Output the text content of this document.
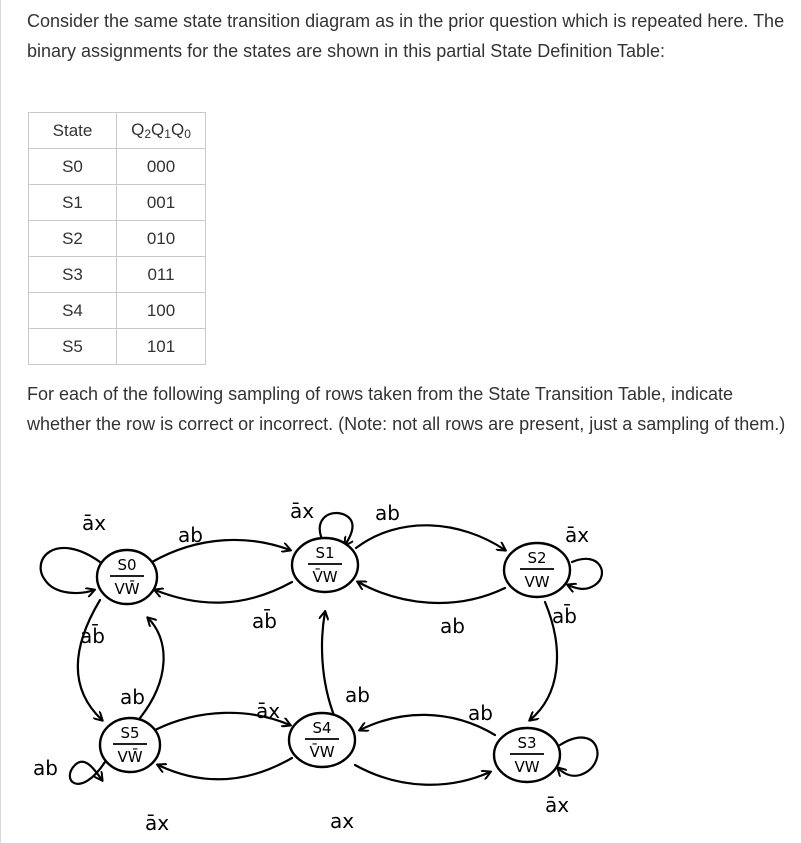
Consider the same state transition diagram as in the prior question which is repeated here. The binary assignments for the states are shown in this partial State Definition Table:

State	$Q_2Q_1Q_0$
S0	000
S1	001
S2	010
S3	011
S4	100
S5	101

For each of the following sampling of rows taken from the State Transition Table, indicate whether the row is correct or incorrect. (Note: not all rows are present, just a sampling of them.)

S0
VW̄
S1
V̄W
S2
VW
S5
VW̄
S4
V̄W	S3
VW
āx	ab
ab̄
āx	ab
āx
ab	ab̄
ab̄
ab
ab
āx
āx
ab
ax
ab
āx
